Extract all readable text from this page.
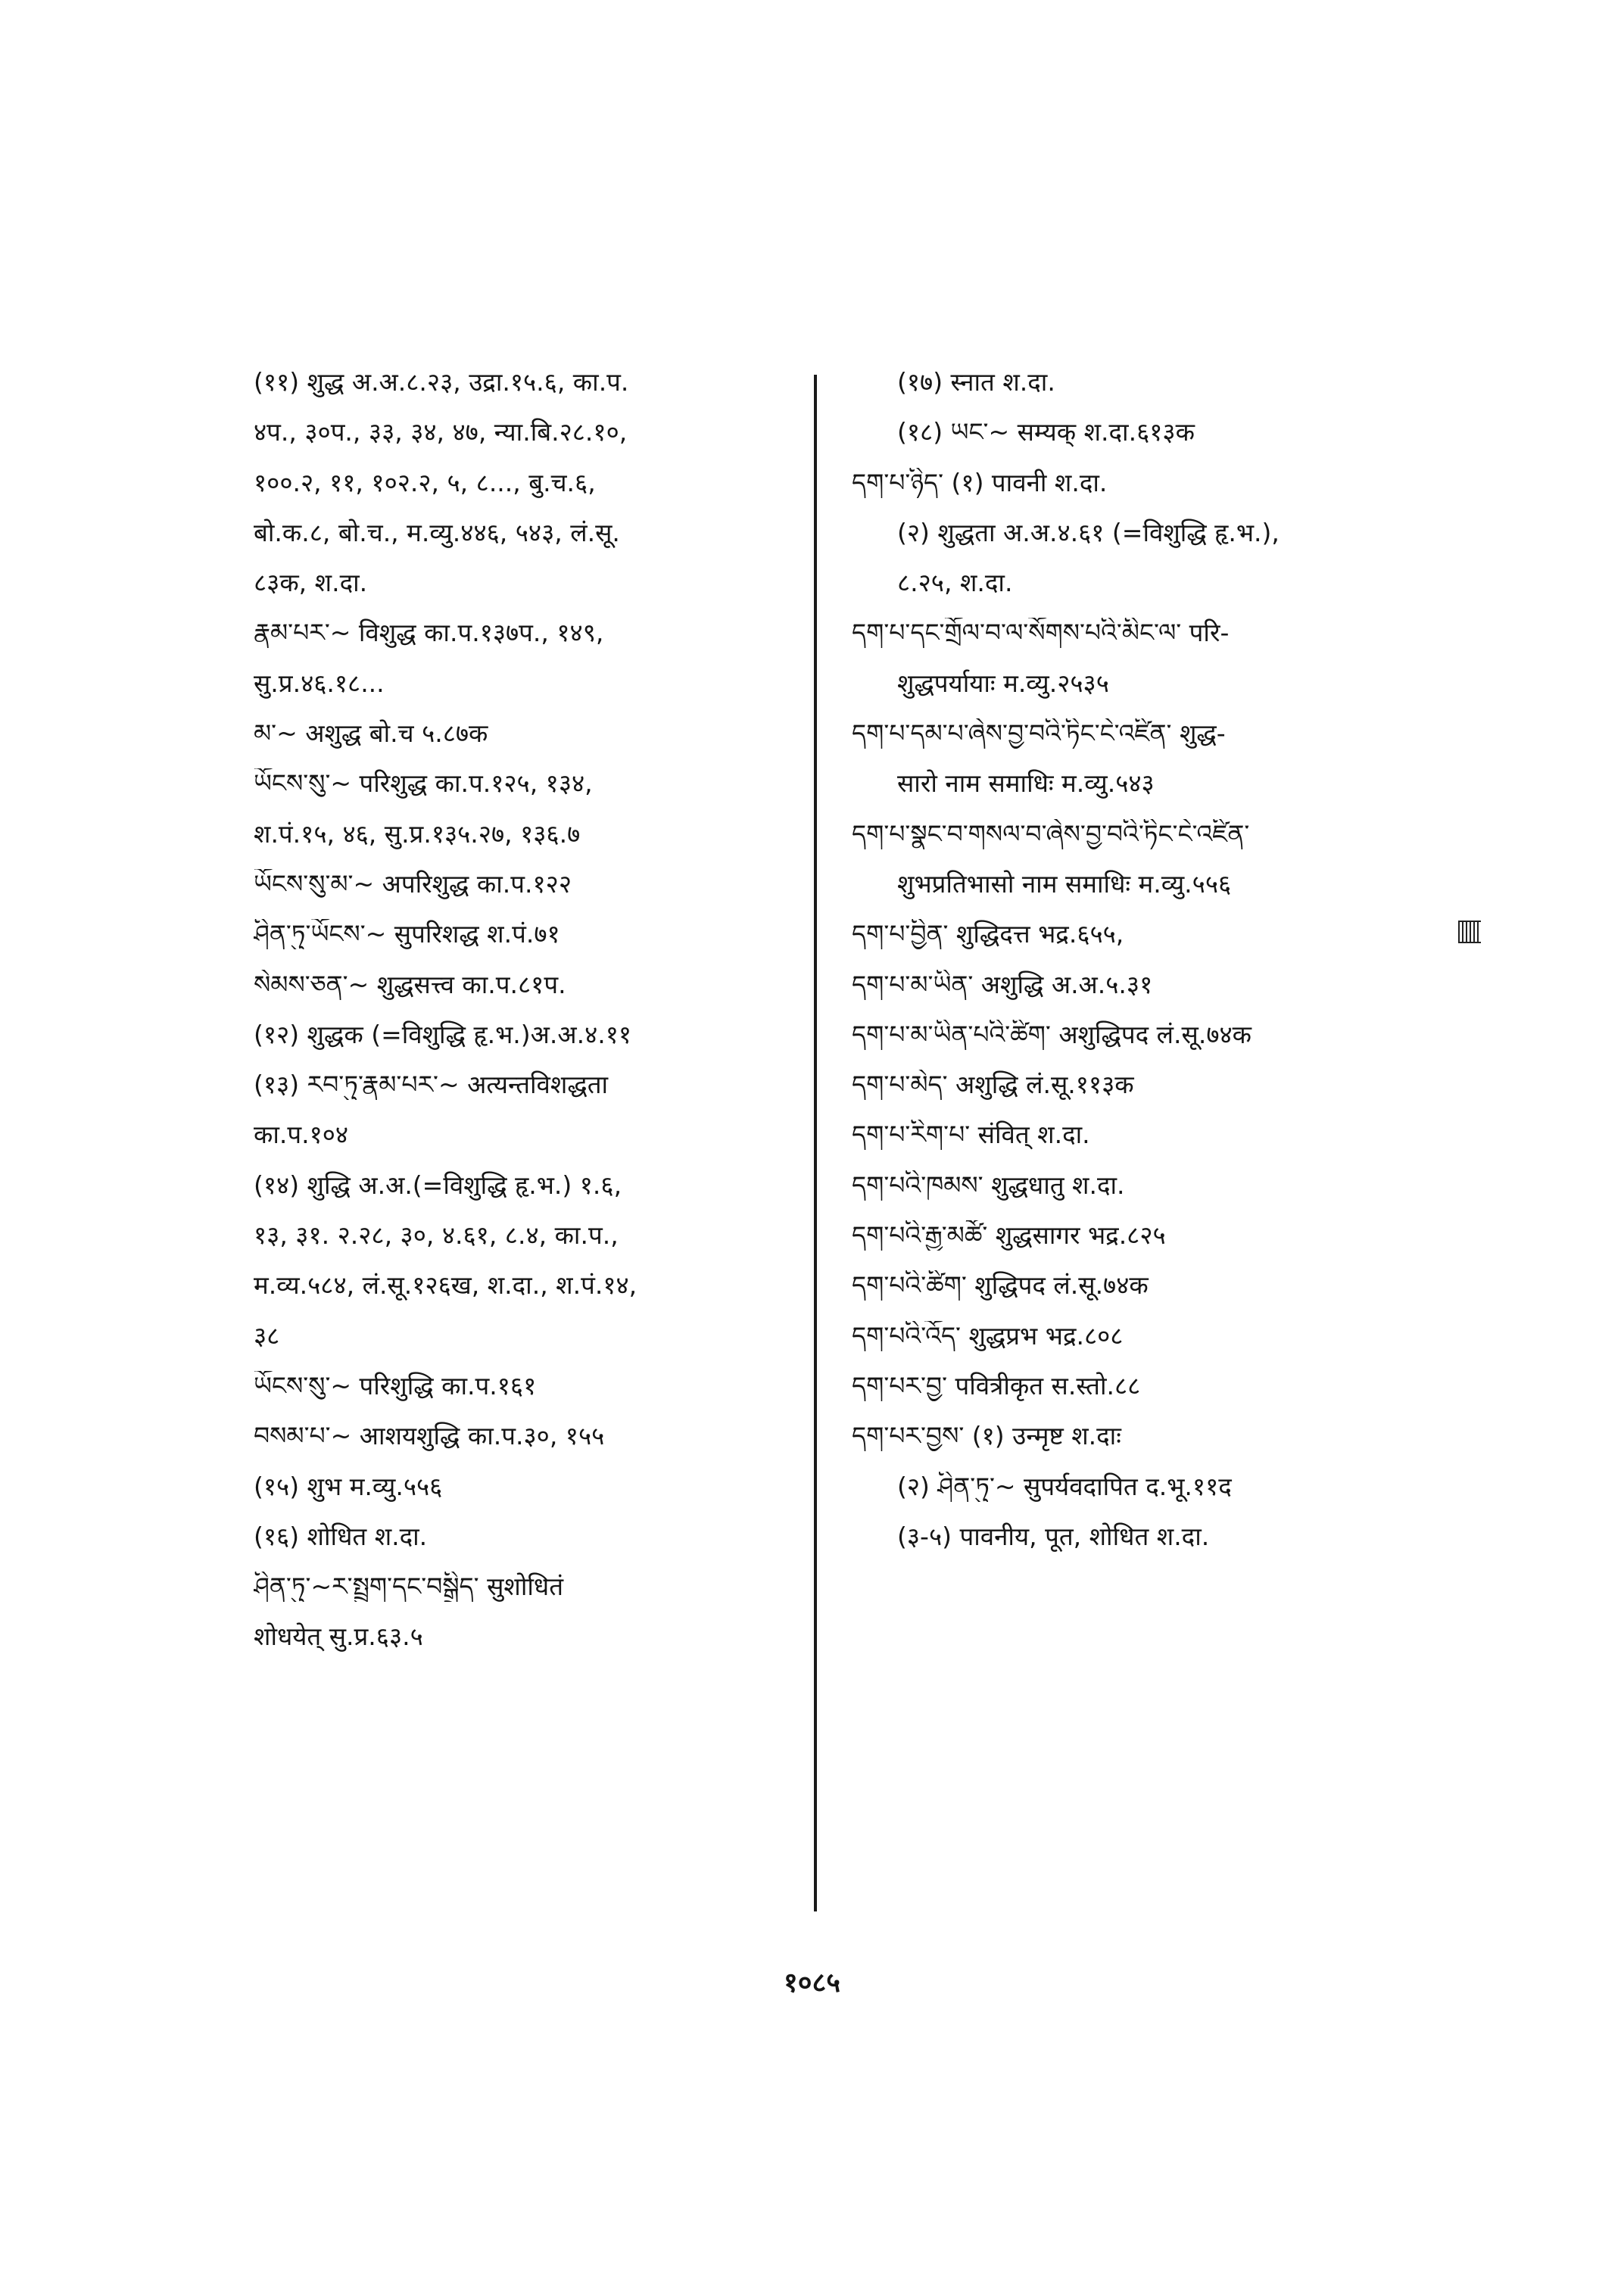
(११) शुद्ध अ.अ.८.२३, उद्रा.१५.६, का.प.
४प., ३०प., ३३, ३४, ४७, न्या.बि.२८.१०,
१००.२, ११, १०२.२, ५, ८..., बु.च.६,
बो.क.८, बो.च., म.व्यु.४४६, ५४३, लं.सू.
८३क, श.दा.
རྣམ་པར་~ विशुद्ध का.प.१३७प., १४९,
सु.प्र.४६.१८...
མ་~ अशुद्ध बो.च ५.८७क
ཡོངས་སུ་~ परिशुद्ध का.प.१२५, १३४,
श.पं.१५, ४६, सु.प्र.१३५.२७, १३६.७
ཡོངས་སུ་མ་~ अपरिशुद्ध का.प.१२२
ཤིན་ཏུ་ཡོངས་~ सुपरिशद्ध श.पं.७१
སེམས་ཅན་~ शुद्धसत्त्व का.प.८१प.
(१२) शुद्धक (=विशुद्धि हृ.भ.)अ.अ.४.११
(१३) རབ་ཏུ་རྣམ་པར་~ अत्यन्तविशद्धता
का.प.१०४
(१४) शुद्धि अ.अ.(=विशुद्धि हृ.भ.) १.६,
१३, ३१. २.२८, ३०, ४.६१, ८.४, का.प.,
म.व्य.५८४, लं.सू.१२६ख, श.दा., श.पं.१४,
३८
ཡོངས་སུ་~ परिशुद्धि का.प.१६१
བསམ་པ་~ आशयशुद्धि का.प.३०, १५५
(१५) शुभ म.व्यु.५५६
(१६) शोधित श.दा.
ཤིན་ཏུ་~ར་སྤྲུག་དང་བསྒྲིད་ सुशोधितं
शोधयेत् सु.प्र.६३.५
(१७) स्नात श.दा.
(१८) ཡང་~ सम्यक् श.दा.६१३क
དག་པ་ཉིད་ (१) पावनी श.दा.
(२) शुद्धता अ.अ.४.६१ (=विशुद्धि हृ.भ.),
८.२५, श.दा.
དག་པ་དང་གྲོལ་བ་ལ་སོགས་པའི་མིང་ལ་ परि-
शुद्धपर्यायाः म.व्यु.२५३५
དག་པ་དམ་པ་ཞེས་བྱ་བའི་ཏིང་ངེ་འཛིན་ शुद्ध-
सारो नाम समाधिः म.व्यु.५४३
དག་པ་སྣང་བ་གསལ་བ་ཞེས་བྱ་བའི་ཏིང་ངེ་འཛིན་
शुभप्रतिभासो नाम समाधिः म.व्यु.५५६
དག་པ་བྱིན་ शुद्धिदत्त भद्र.६५५,
དག་པ་མ་ཡིན་ अशुद्धि अ.अ.५.३१
དག་པ་མ་ཡིན་པའི་ཚིག་ अशुद्धिपद लं.सू.७४क
དག་པ་མེད་ अशुद्धि लं.सू.११३क
དག་པ་རིག་པ་ संवित् श.दा.
དག་པའི་ཁམས་ शुद्धधातु श.दा.
དག་པའི་རྒྱ་མཚོ་ शुद्धसागर भद्र.८२५
དག་པའི་ཚིག་ शुद्धिपद लं.सू.७४क
དག་པའི་འོད་ शुद्धप्रभ भद्र.८०८
དག་པར་བྱ་ पवित्रीकृत स.स्तो.८८
དག་པར་བྱས་ (१) उन्मृष्ट श.दाः
(२) ཤིན་ཏུ་~ सुपर्यवदापित द.भू.११द
(३-५) पावनीय, पूत, शोधित श.दा.
१०८५
